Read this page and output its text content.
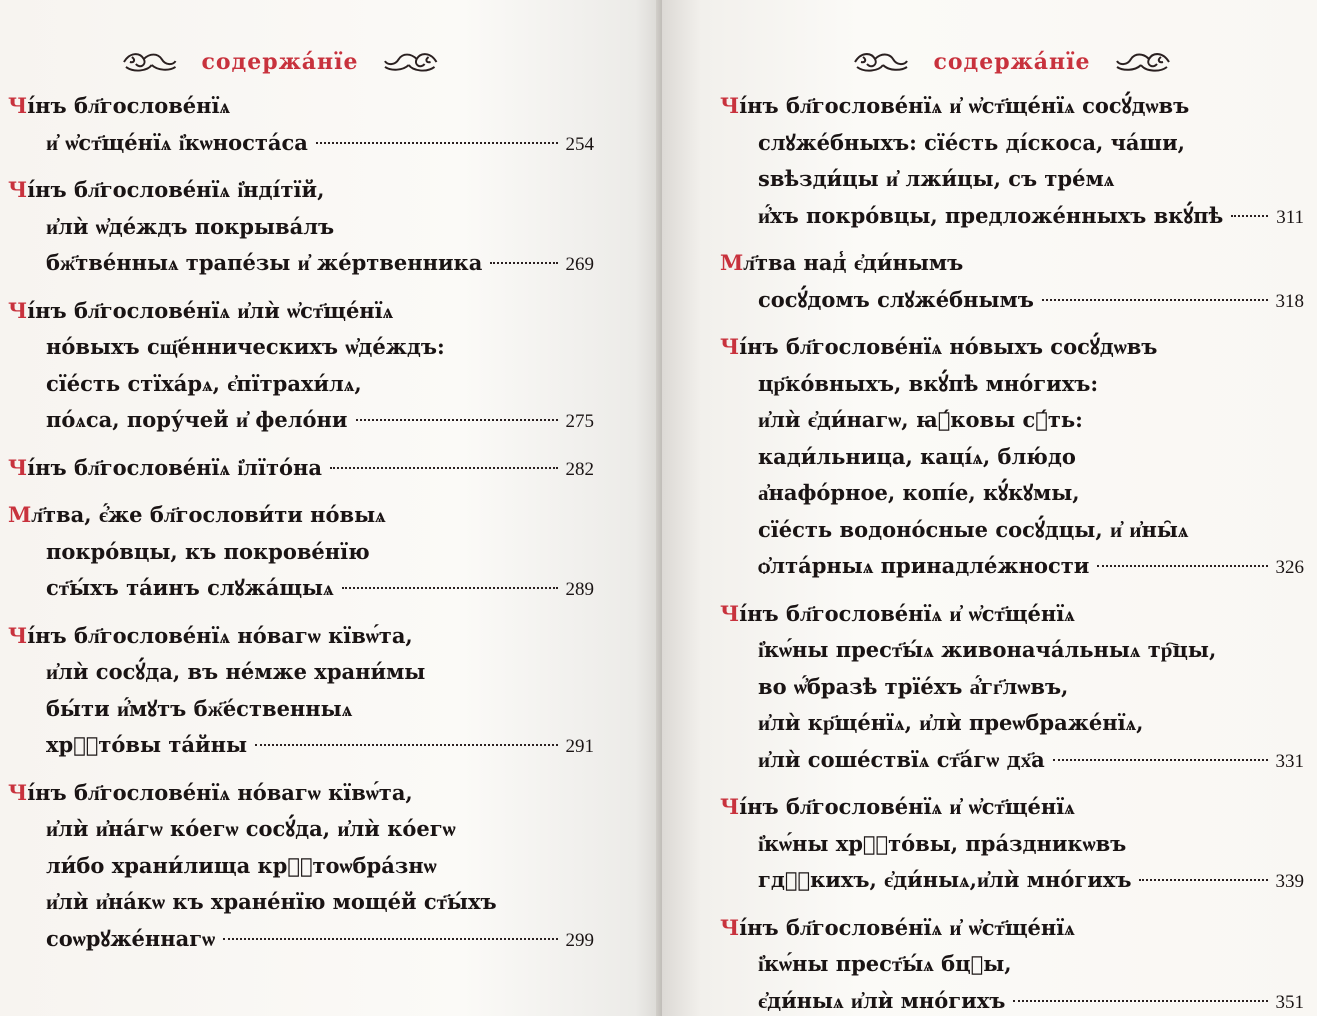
содержа́нїе
Ч і́нъ бл҃гослове́нїѧ
и҆ ѡ҆ст҃ще́нїѧ і҆кѡноста́са	254
Ч і́нъ бл҃гослове́нїѧ і҆нді́тїй,
и҆лѝ ѡ҆де́ждъ покрыва́лъ
бж҃тве́нныѧ трапе́зы и҆ же́ртвенника	269
Ч і́нъ бл҃гослове́нїѧ и҆лѝ ѡ҆ст҃ще́нїѧ
но́выхъ сщ҃е́нническихъ ѡ҆де́ждъ:
сїе́сть стїха́рѧ, є҆пїтрахи́лѧ,
по́ѧса, пору́чей и҆ фело́ни	275
Ч і́нъ бл҃гослове́нїѧ і҆лїто́на	282
М л҃тва, є҆́же бл҃гослови́ти но́выѧ
покро́вцы, къ покрове́нїю
ст҃ы́хъ та́инъ слꙋжа́щыѧ	289
Ч і́нъ бл҃гослове́нїѧ но́вагѡ кївѡ́та,
и҆лѝ сосꙋ́да, въ не́мже храни́мы
бы́ти и҆́мꙋтъ бж҃е́ственныѧ
хрⷭ҇то́вы та́йны	291
Ч і́нъ бл҃гослове́нїѧ но́вагѡ кївѡ́та,
и҆лѝ и҆на́гѡ ко́егѡ сосꙋ́да, и҆лѝ ко́егѡ
ли́бо храни́лища крⷭ҇тоѡбра́знѡ
и҆лѝ и҆на́кѡ къ хране́нїю моще́й ст҃ы́хъ
соѡрꙋже́ннагѡ	299
содержа́нїе
Ч і́нъ бл҃гослове́нїѧ и҆ ѡ҆ст҃ще́нїѧ сосꙋ́дѡвъ
слꙋже́бныхъ: сїе́сть ді́скоса, ча́ши,
ѕвѣзди́цы и҆ лжи́цы, съ тре́мѧ
и҆́хъ покро́вцы, предложе́нныхъ вкꙋ́пѣ	311
М л҃тва над̾ є҆ди́нымъ
сосꙋ́домъ слꙋже́бнымъ	318
Ч і́нъ бл҃гослове́нїѧ но́выхъ сосꙋ́дѡвъ
цр҃ко́вныхъ, вкꙋ́пѣ мно́гихъ:
и҆лѝ є҆ди́нагѡ, ꙗ҆́ковы сꙋ́ть:
кади́льница, каці́ѧ, блю́до
а҆нафо́рное, копі́е, кꙋ́кꙋмы,
сїе́сть водоно́сные сосꙋ́дцы, и҆ и҆ны̑ѧ
ѻ҆лта́рныѧ принадле́жности	326
Ч і́нъ бл҃гослове́нїѧ и҆ ѡ҆ст҃ще́нїѧ
і҆кѡ́ны прест҃ы́ѧ живонача́льныѧ тр҇цы,
во ѡ҆́бразѣ трїе́хъ а҆́гг҃лѡвъ,
и҆лѝ кр҃ще́нїѧ, и҆лѝ преѡбраже́нїѧ,
и҆лѝ соше́ствїѧ ст҃а́гѡ дх҃а	331
Ч і́нъ бл҃гослове́нїѧ и҆ ѡ҆ст҃ще́нїѧ
і҆кѡ́ны хрⷭ҇то́вы, пра́здникѡвъ
гдⷭ҇кихъ, є҆ди́ныѧ,и҆лѝ мно́гихъ	339
Ч і́нъ бл҃гослове́нїѧ и҆ ѡ҆ст҃ще́нїѧ
і҆кѡ́ны прест҃ы́ѧ бцⷣы,
є҆ди́ныѧ и҆лѝ мно́гихъ	351
